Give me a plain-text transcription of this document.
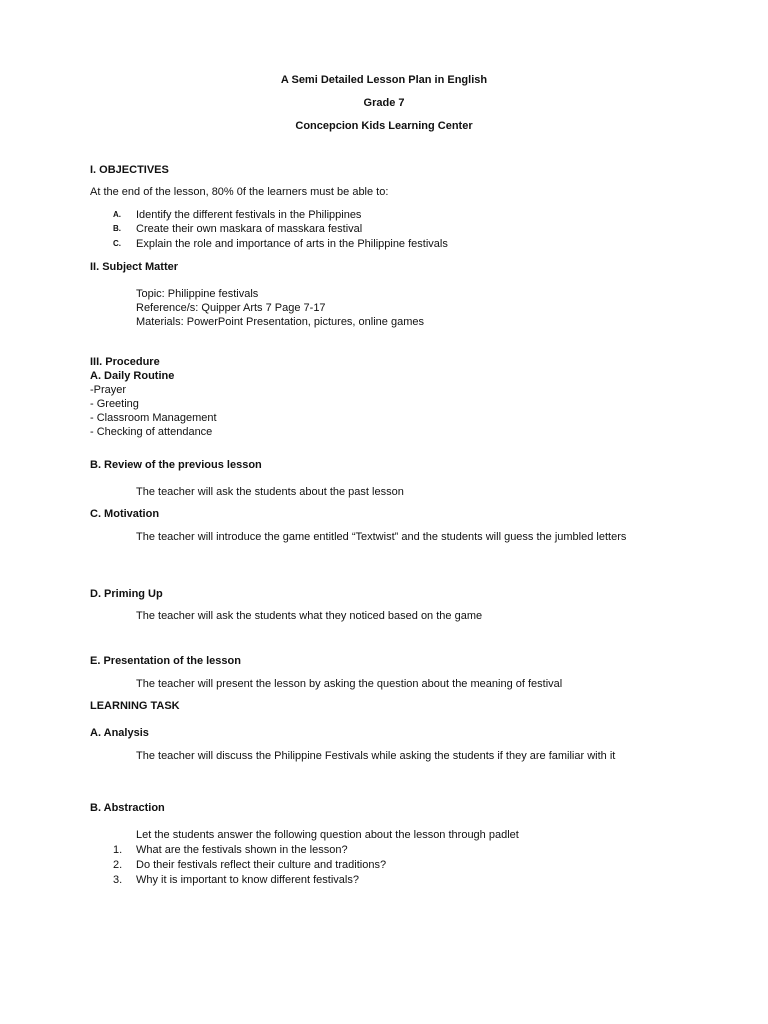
A Semi Detailed Lesson Plan in English
Grade 7
Concepcion Kids Learning Center
I. OBJECTIVES
At the end of the lesson, 80% 0f the learners must be able to:
A. Identify the different festivals in the Philippines
B. Create their own maskara of masskara festival
C. Explain the role and importance of arts in the Philippine festivals
II. Subject Matter
Topic: Philippine festivals
Reference/s: Quipper Arts 7 Page 7-17
Materials: PowerPoint Presentation, pictures, online games
III. Procedure
A. Daily Routine
-Prayer
- Greeting
- Classroom Management
- Checking of attendance
B. Review of the previous lesson
The teacher will ask the students about the past lesson
C. Motivation
The teacher will introduce the game entitled “Textwist” and the students will guess the jumbled letters
D. Priming Up
The teacher will ask the students what they noticed based on the game
E. Presentation of the lesson
The teacher will present the lesson by asking the question about the meaning of festival
LEARNING TASK
A. Analysis
The teacher will discuss the Philippine Festivals while asking the students if they are familiar with it
B. Abstraction
Let the students answer the following question about the lesson through padlet
1. What are the festivals shown in the lesson?
2. Do their festivals reflect their culture and traditions?
3. Why it is important to know different festivals?
